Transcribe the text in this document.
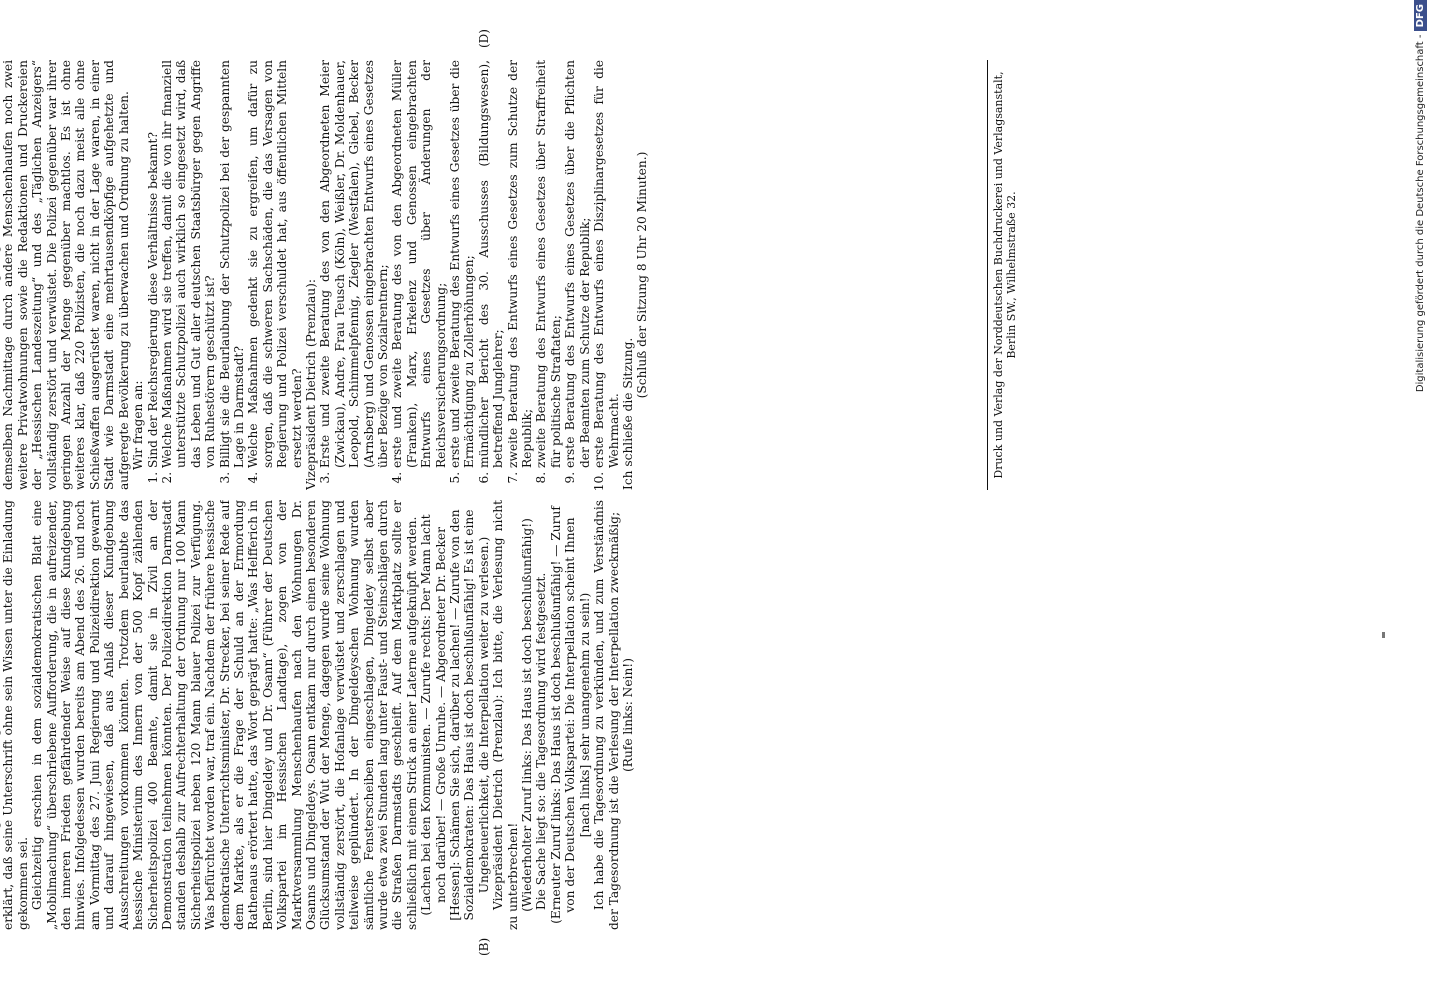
(B)
(D)

erklärt, daß seine Unterschrift ohne sein Wissen unter die Einladung gekommen sei. Gleichzeitig erschien in dem sozialdemokratischen Blatt eine „Mobilmachung“ überschriebene Aufforderung, die in aufreizender, den inneren Frieden gefährdender Weise auf diese Kundgebung hinwies. Infolgedessen wurden bereits am Abend des 26. und noch am Vormittag des 27. Juni Regierung und Polizeidirektion gewarnt und darauf hingewiesen, daß aus Anlaß dieser Kundgebung Ausschreitungen vorkommen könnten. Trotzdem beurlaubte das hessische Ministerium des Innern von der 500 Kopf zählenden Sicherheitspolizei 400 Beamte, damit sie in Zivil an der Demonstration teilnehmen könnten. Der Polizeidirektion Darmstadt standen deshalb zur Aufrechterhaltung der Ordnung nur 100 Mann Sicherheitspolizei neben 120 Mann blauer Polizei zur Verfügung. Was befürchtet worden war, traf ein. Nachdem der frühere hessische demokratische Unterrichtsminister, Dr. Strecker, bei seiner Rede auf dem Markte, als er die Frage der Schuld an der Ermordung Rathenaus erörtert hatte, das Wort geprägt hatte: „Was Helfferich in Berlin, sind hier Dingeldey und Dr. Osann“ (Führer der Deutschen Volkspartei im Hessischen Landtage), zogen von der Marktversammlung Menschenhaufen nach den Wohnungen Dr. Osanns und Dingeldeys. Osann entkam nur durch einen besonderen Glücksumstand der Wut der Menge, dagegen wurde seine Wohnung vollständig zerstört, die Hofanlage verwüstet und zerschlagen und teilweise geplündert. In der Dingeldeyschen Wohnung wurden sämtliche Fensterscheiben eingeschlagen, Dingeldey selbst aber wurde etwa zwei Stunden lang unter Faust- und Steinschlägen durch die Straßen Darmstadts geschleift. Auf dem Marktplatz sollte er schließlich mit einem Strick an einer Laterne aufgeknüpft werden. (Lachen bei den Kommunisten. — Zurufe rechts: Der Mann lacht noch darüber! — Große Unruhe. — Abgeordneter Dr. Becker [Hessen]: Schämen Sie sich, darüber zu lachen! — Zurufe von den Sozialdemokraten: Das Haus ist doch beschlußunfähig! Es ist eine Ungeheuerlichkeit, die Interpellation weiter zu verlesen.) Vizepräsident Dietrich (Prenzlau): Ich bitte, die Verlesung nicht zu unterbrechen! (Wiederholter Zuruf links: Das Haus ist doch beschlußunfähig!) Die Sache liegt so: die Tagesordnung wird festgesetzt. (Erneuter Zuruf links: Das Haus ist doch beschlußunfähig! — Zuruf von der Deutschen Volkspartei: Die Interpellation scheint Ihnen [nach links] sehr unangenehm zu sein!) Ich habe die Tagesordnung zu verkünden, und zum Verständnis der Tagesordnung ist die Verlesung der Interpellation zweckmäßig; (Rufe links: Nein!)

demselben Nachmittage durch andere Menschenhaufen noch zwei weitere Privatwohnungen sowie die Redaktionen und Druckereien der „Hessischen Landeszeitung“ und des „Täglichen Anzeigers“ vollständig zerstört und verwüstet. Die Polizei gegenüber war ihrer geringen Anzahl der Menge gegenüber machtlos. Es ist ohne weiteres klar, daß 220 Polizisten, die noch dazu meist alle ohne Schießwaffen ausgerüstet waren, nicht in der Lage waren, in einer Stadt wie Darmstadt eine mehrtausendköpfige aufgehetzte und aufgeregte Bevölkerung zu überwachen und Ordnung zu halten.

Wir fragen an: 1. Sind der Reichsregierung diese Verhältnisse bekannt? 2. Welche Maßnahmen wird sie treffen, damit die von ihr finanziell unterstützte Schutzpolizei auch wirklich so eingesetzt wird, daß das Leben und Gut aller deutschen Staatsbürger gegen Angriffe von Ruhestörern geschützt ist? 3. Billigt sie die Beurlaubung der Schutzpolizei bei der gespannten Lage in Darmstadt? 4. Welche Maßnahmen gedenkt sie zu ergreifen, um dafür zu sorgen, daß die schweren Sachschäden, die das Versagen von Regierung und Polizei verschuldet hat, aus öffentlichen Mitteln ersetzt werden? Vizepräsident Dietrich (Prenzlau): 3. Erste und zweite Beratung des von den Abgeordneten Meier (Zwickau), Andre, Frau Teusch (Köln), Weißler, Dr. Moldenhauer, Leopold, Schimmelpfennig, Ziegler (Westfalen), Giebel, Becker (Arnsberg) und Genossen eingebrachten Entwurfs eines Gesetzes über Bezüge von Sozialrentnern; 4. erste und zweite Beratung des von den Abgeordneten Müller (Franken), Marx, Erkelenz und Genossen eingebrachten Entwurfs eines Gesetzes über Änderungen der Reichsversicherungsordnung; 5. erste und zweite Beratung des Entwurfs eines Gesetzes über die Ermächtigung zu Zollerhöhungen; 6. mündlicher Bericht des 30. Ausschusses (Bildungswesen), betreffend Junglehrer; 7. zweite Beratung des Entwurfs eines Gesetzes zum Schutze der Republik; 8. zweite Beratung des Entwurfs eines Gesetzes über Straffreiheit für politische Straftaten; 9. erste Beratung des Entwurfs eines Gesetzes über die Pflichten der Beamten zum Schutze der Republik; 10. erste Beratung des Entwurfs eines Disziplinargesetzes für die Wehrmacht. Ich schließe die Sitzung.

(Schluß der Sitzung 8 Uhr 20 Minuten.)	Druck und Verlag der Norddeutschen Buchdruckerei und Verlagsanstalt, Berlin SW., Wilhelmstraße 32.	Digitalisierung gefördert durch die Deutsche Forschungsgemeinschaft - DFG
